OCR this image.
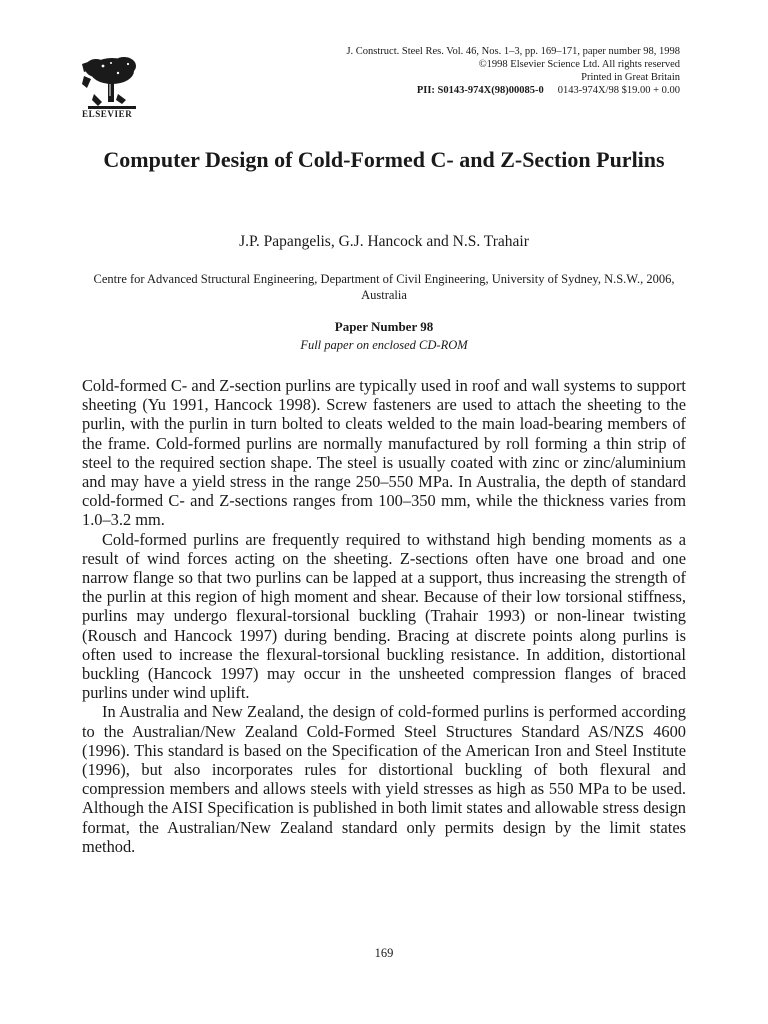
ELSEVIER
J. Construct. Steel Res. Vol. 46, Nos. 1–3, pp. 169–171, paper number 98, 1998
©1998 Elsevier Science Ltd. All rights reserved
Printed in Great Britain
PII: S0143-974X(98)00085-0 0143-974X/98 $19.00 + 0.00
Computer Design of Cold-Formed C- and Z-Section Purlins
J.P. Papangelis, G.J. Hancock and N.S. Trahair
Centre for Advanced Structural Engineering, Department of Civil Engineering, University of Sydney, N.S.W., 2006, Australia
Paper Number 98
Full paper on enclosed CD-ROM

Cold-formed C- and Z-section purlins are typically used in roof and wall systems to support sheeting (Yu 1991, Hancock 1998). Screw fasteners are used to attach the sheeting to the purlin, with the purlin in turn bolted to cleats welded to the main load-bearing members of the frame. Cold-formed purlins are normally manufactured by roll forming a thin strip of steel to the required section shape. The steel is usually coated with zinc or zinc/aluminium and may have a yield stress in the range 250–550 MPa. In Australia, the depth of standard cold-formed C- and Z-sections ranges from 100–350 mm, while the thickness varies from 1.0–3.2 mm.

Cold-formed purlins are frequently required to withstand high bending moments as a result of wind forces acting on the sheeting. Z-sections often have one broad and one narrow flange so that two purlins can be lapped at a support, thus increasing the strength of the purlin at this region of high moment and shear. Because of their low torsional stiffness, purlins may undergo flexural-torsional buckling (Trahair 1993) or non-linear twisting (Rousch and Hancock 1997) during bending. Bracing at discrete points along purlins is often used to increase the flexural-torsional buckling resistance. In addition, distortional buckling (Hancock 1997) may occur in the unsheeted compression flanges of braced purlins under wind uplift.

In Australia and New Zealand, the design of cold-formed purlins is performed according to the Australian/New Zealand Cold-Formed Steel Structures Standard AS/NZS 4600 (1996). This standard is based on the Specification of the American Iron and Steel Institute (1996), but also incorporates rules for distortional buckling of both flexural and compression members and allows steels with yield stresses as high as 550 MPa to be used. Although the AISI Specification is published in both limit states and allowable stress design format, the Australian/New Zealand standard only permits design by the limit states method.

169
